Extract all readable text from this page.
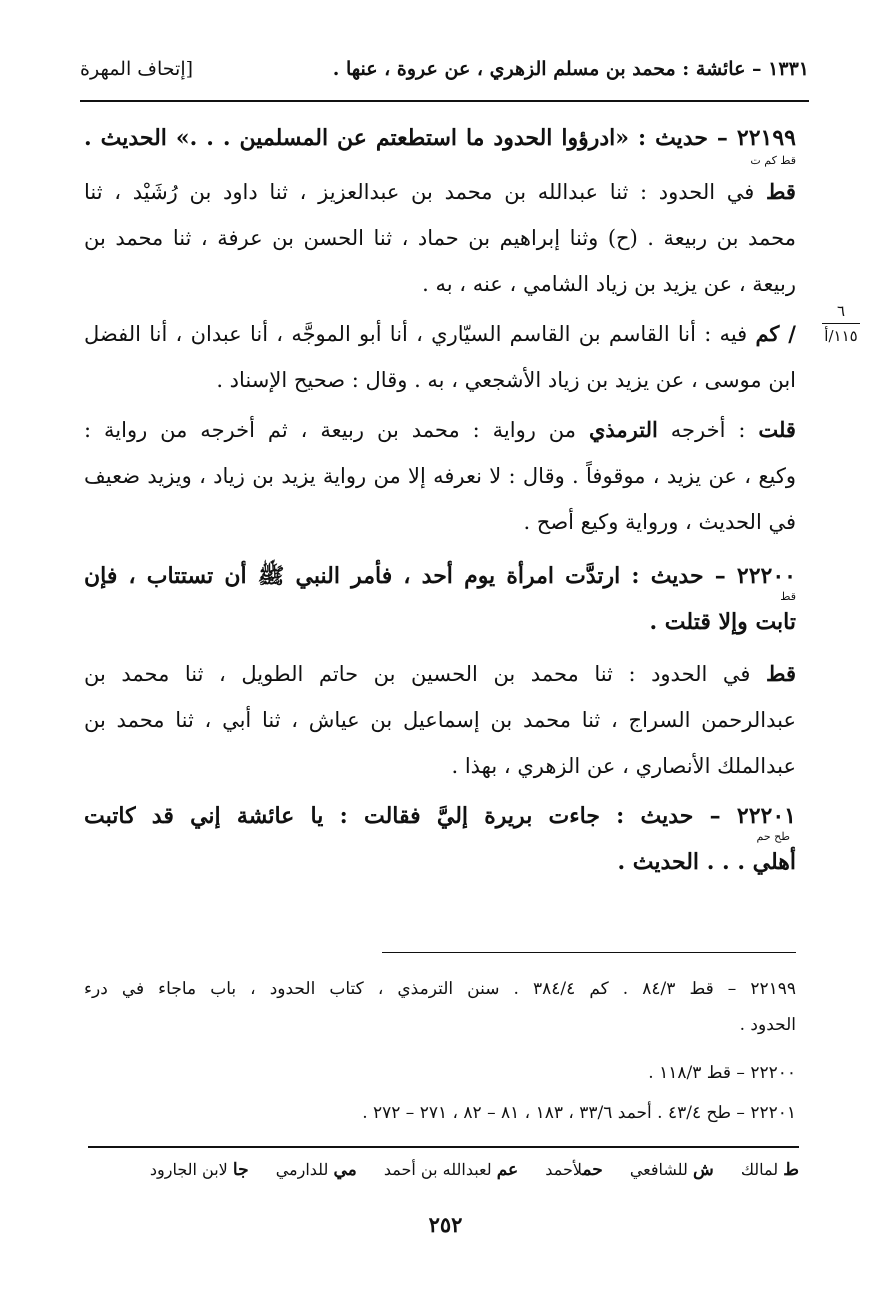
١٣٣١ – عائشة : محمد بن مسلم الزهري ، عن عروة ، عنها .
[إتحاف المهرة
٦
١١٥/أ
٢٢١٩٩ – حديث : «ادرؤوا الحدود ما استطعتم عن المسلمين . . .» الحديث .
قط كم ت
قط في الحدود : ثنا عبدالله بن محمد بن عبدالعزيز ، ثنا داود بن رُشَيْد ، ثنا
محمد بن ربيعة . (ح) وثنا إبراهيم بن حماد ، ثنا الحسن بن عرفة ، ثنا محمد بن
ربيعة ، عن يزيد بن زياد الشامي ، عنه ، به .
/ كم فيه : أنا القاسم بن القاسم السيّاري ، أنا أبو الموجَّه ، أنا عبدان ، أنا الفضل
ابن موسى ، عن يزيد بن زياد الأشجعي ، به . وقال : صحيح الإسناد .
قلت : أخرجه الترمذي من رواية : محمد بن ربيعة ، ثم أخرجه من رواية :
وكيع ، عن يزيد ، موقوفاً . وقال : لا نعرفه إلا من رواية يزيد بن زياد ، ويزيد ضعيف
في الحديث ، ورواية وكيع أصح .
٢٢٢٠٠ – حديث : ارتدَّت امرأة يوم أحد ، فأمر النبي ﷺ أن تستتاب ، فإن
قط
تابت وإلا قتلت .
قط في الحدود : ثنا محمد بن الحسين بن حاتم الطويل ، ثنا محمد بن
عبدالرحمن السراج ، ثنا محمد بن إسماعيل بن عياش ، ثنا أبي ، ثنا محمد بن
عبدالملك الأنصاري ، عن الزهري ، بهذا .
٢٢٢٠١ – حديث : جاءت بريرة إليَّ فقالت : يا عائشة إني قد كاتبت
طح حم
أهلي . . . الحديث .
٢٢١٩٩ – قط ٨٤/٣ . كم ٣٨٤/٤ . سنن الترمذي ، كتاب الحدود ، باب ماجاء في درء
الحدود .
٢٢٢٠٠ – قط ١١٨/٣ .
٢٢٢٠١ – طح ٤٣/٤ . أحمد ٣٣/٦ ، ١٨٣ ، ٨١ – ٨٢ ، ٢٧١ – ٢٧٢ .
ط لمالك ش للشافعي حملأحمد عم لعبدالله بن أحمد مي للدارمي جا لابن الجارود
٢٥٢
